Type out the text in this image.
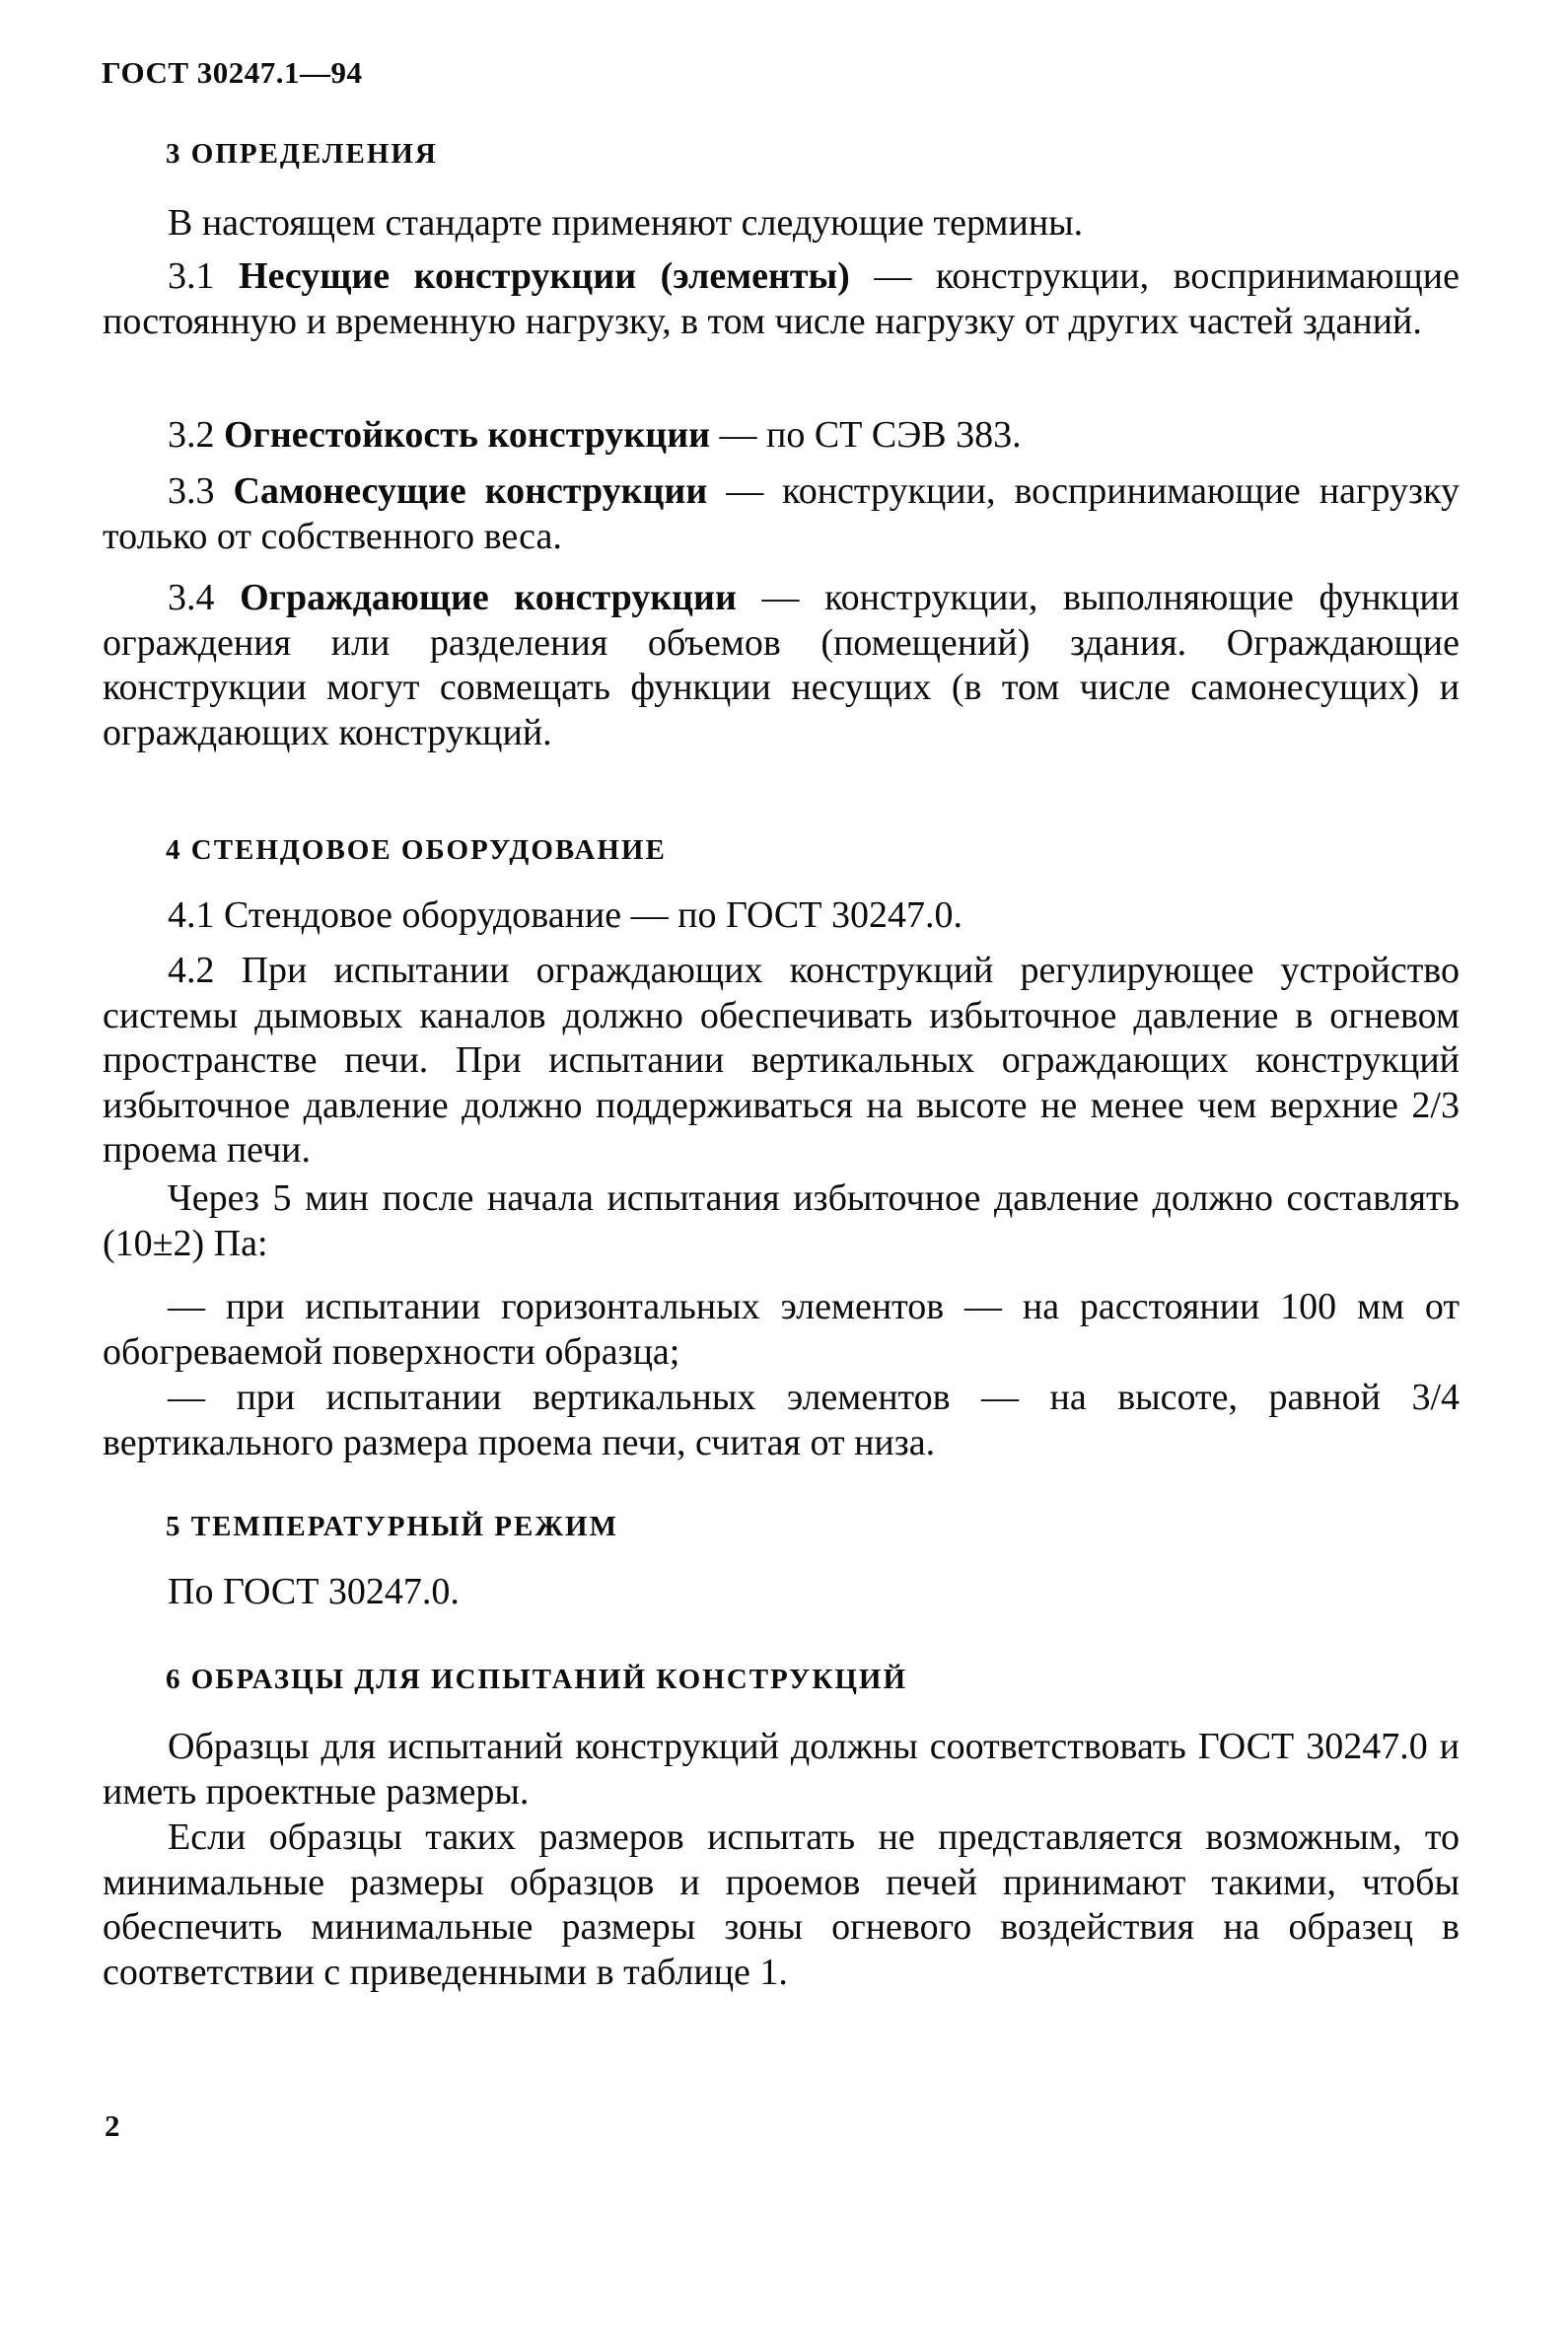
ГОСТ 30247.1—94
3 ОПРЕДЕЛЕНИЯ
В настоящем стандарте применяют следующие термины.
3.1 Несущие конструкции (элементы) — конструкции, воспринимающие постоянную и временную нагрузку, в том числе нагрузку от других частей зданий.
3.2 Огнестойкость конструкции — по СТ СЭВ 383.
3.3 Самонесущие конструкции — конструкции, воспринимающие нагрузку только от собственного веса.
3.4 Ограждающие конструкции — конструкции, выполняющие функции ограждения или разделения объемов (помещений) здания. Ограждающие конструкции могут совмещать функции несущих (в том числе самонесущих) и ограждающих конструкций.
4 СТЕНДОВОЕ ОБОРУДОВАНИЕ
4.1 Стендовое оборудование — по ГОСТ 30247.0.
4.2 При испытании ограждающих конструкций регулирующее устройство системы дымовых каналов должно обеспечивать избыточное давление в огневом пространстве печи. При испытании вертикальных ограждающих конструкций избыточное давление должно поддерживаться на высоте не менее чем верхние 2/3 проема печи.
Через 5 мин после начала испытания избыточное давление должно составлять (10±2) Па:
— при испытании горизонтальных элементов — на расстоянии 100 мм от обогреваемой поверхности образца;
— при испытании вертикальных элементов — на высоте, равной 3/4 вертикального размера проема печи, считая от низа.
5 ТЕМПЕРАТУРНЫЙ РЕЖИМ
По ГОСТ 30247.0.
6 ОБРАЗЦЫ ДЛЯ ИСПЫТАНИЙ КОНСТРУКЦИЙ
Образцы для испытаний конструкций должны соответствовать ГОСТ 30247.0 и иметь проектные размеры.
Если образцы таких размеров испытать не представляется возможным, то минимальные размеры образцов и проемов печей принимают такими, чтобы обеспечить минимальные размеры зоны огневого воздействия на образец в соответствии с приведенными в таблице 1.
2
